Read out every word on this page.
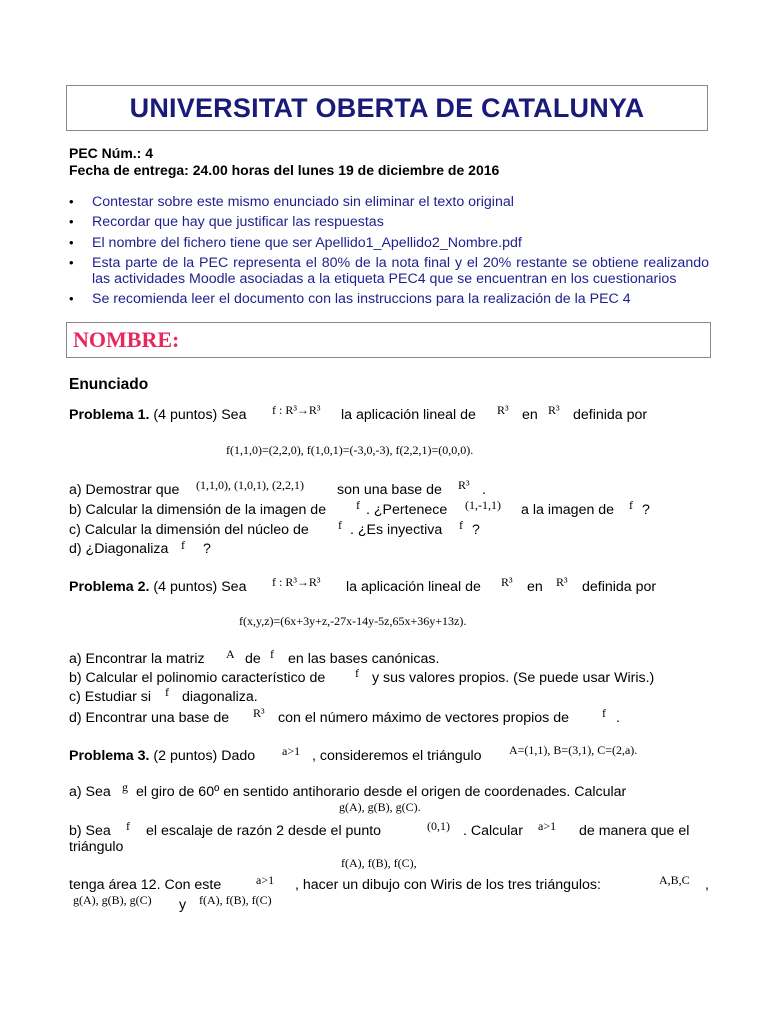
UNIVERSITAT OBERTA DE CATALUNYA
PEC Núm.: 4
Fecha de entrega: 24.00 horas del lunes 19 de diciembre de 2016
• Contestar sobre este mismo enunciado sin eliminar el texto original
• Recordar que hay que justificar las respuestas
• El nombre del fichero tiene que ser Apellido1_Apellido2_Nombre.pdf
• Esta parte de la PEC representa el 80% de la nota final y el 20% restante se obtiene realizando las actividades Moodle asociadas a la etiqueta PEC4 que se encuentran en los cuestionarios
• Se recomienda leer el documento con las instruccions para la realización de la PEC 4
NOMBRE:
Enunciado
Problema 1. (4 puntos) Sea f : R³→R³ la aplicación lineal de R³ en R³ definida por
f(1,1,0)=(2,2,0), f(1,0,1)=(-3,0,-3), f(2,2,1)=(0,0,0).
a) Demostrar que (1,1,0), (1,0,1), (2,2,1) son una base de R³ .
b) Calcular la dimensión de la imagen de f . ¿Pertenece (1,-1,1) a la imagen de f ?
c) Calcular la dimensión del núcleo de f . ¿Es inyectiva f ?
d) ¿Diagonaliza f ?
Problema 2. (4 puntos) Sea f : R³→R³ la aplicación lineal de R³ en R³ definida por
f(x,y,z)=(6x+3y+z,-27x-14y-5z,65x+36y+13z).
a) Encontrar la matriz A de f en las bases canónicas.
b) Calcular el polinomio característico de f y sus valores propios. (Se puede usar Wiris.)
c) Estudiar si f diagonaliza.
d) Encontrar una base de R³ con el número máximo de vectores propios de	f .
Problema 3. (2 puntos) Dado a>1 , consideremos el triángulo A=(1,1), B=(3,1), C=(2,a).
a) Sea g el giro de 60º en sentido antihorario desde el origen de coordenades. Calcular
g(A), g(B), g(C).
b) Sea f el escalaje de razón 2 desde el punto	(0,1) . Calcular a>1 de manera que el
triángulo
f(A), f(B), f(C),
tenga área 12. Con este	a>1 , hacer un dibujo con Wiris de los tres triángulos:	A,B,C ,
g(A), g(B), g(C) y f(A), f(B), f(C)
